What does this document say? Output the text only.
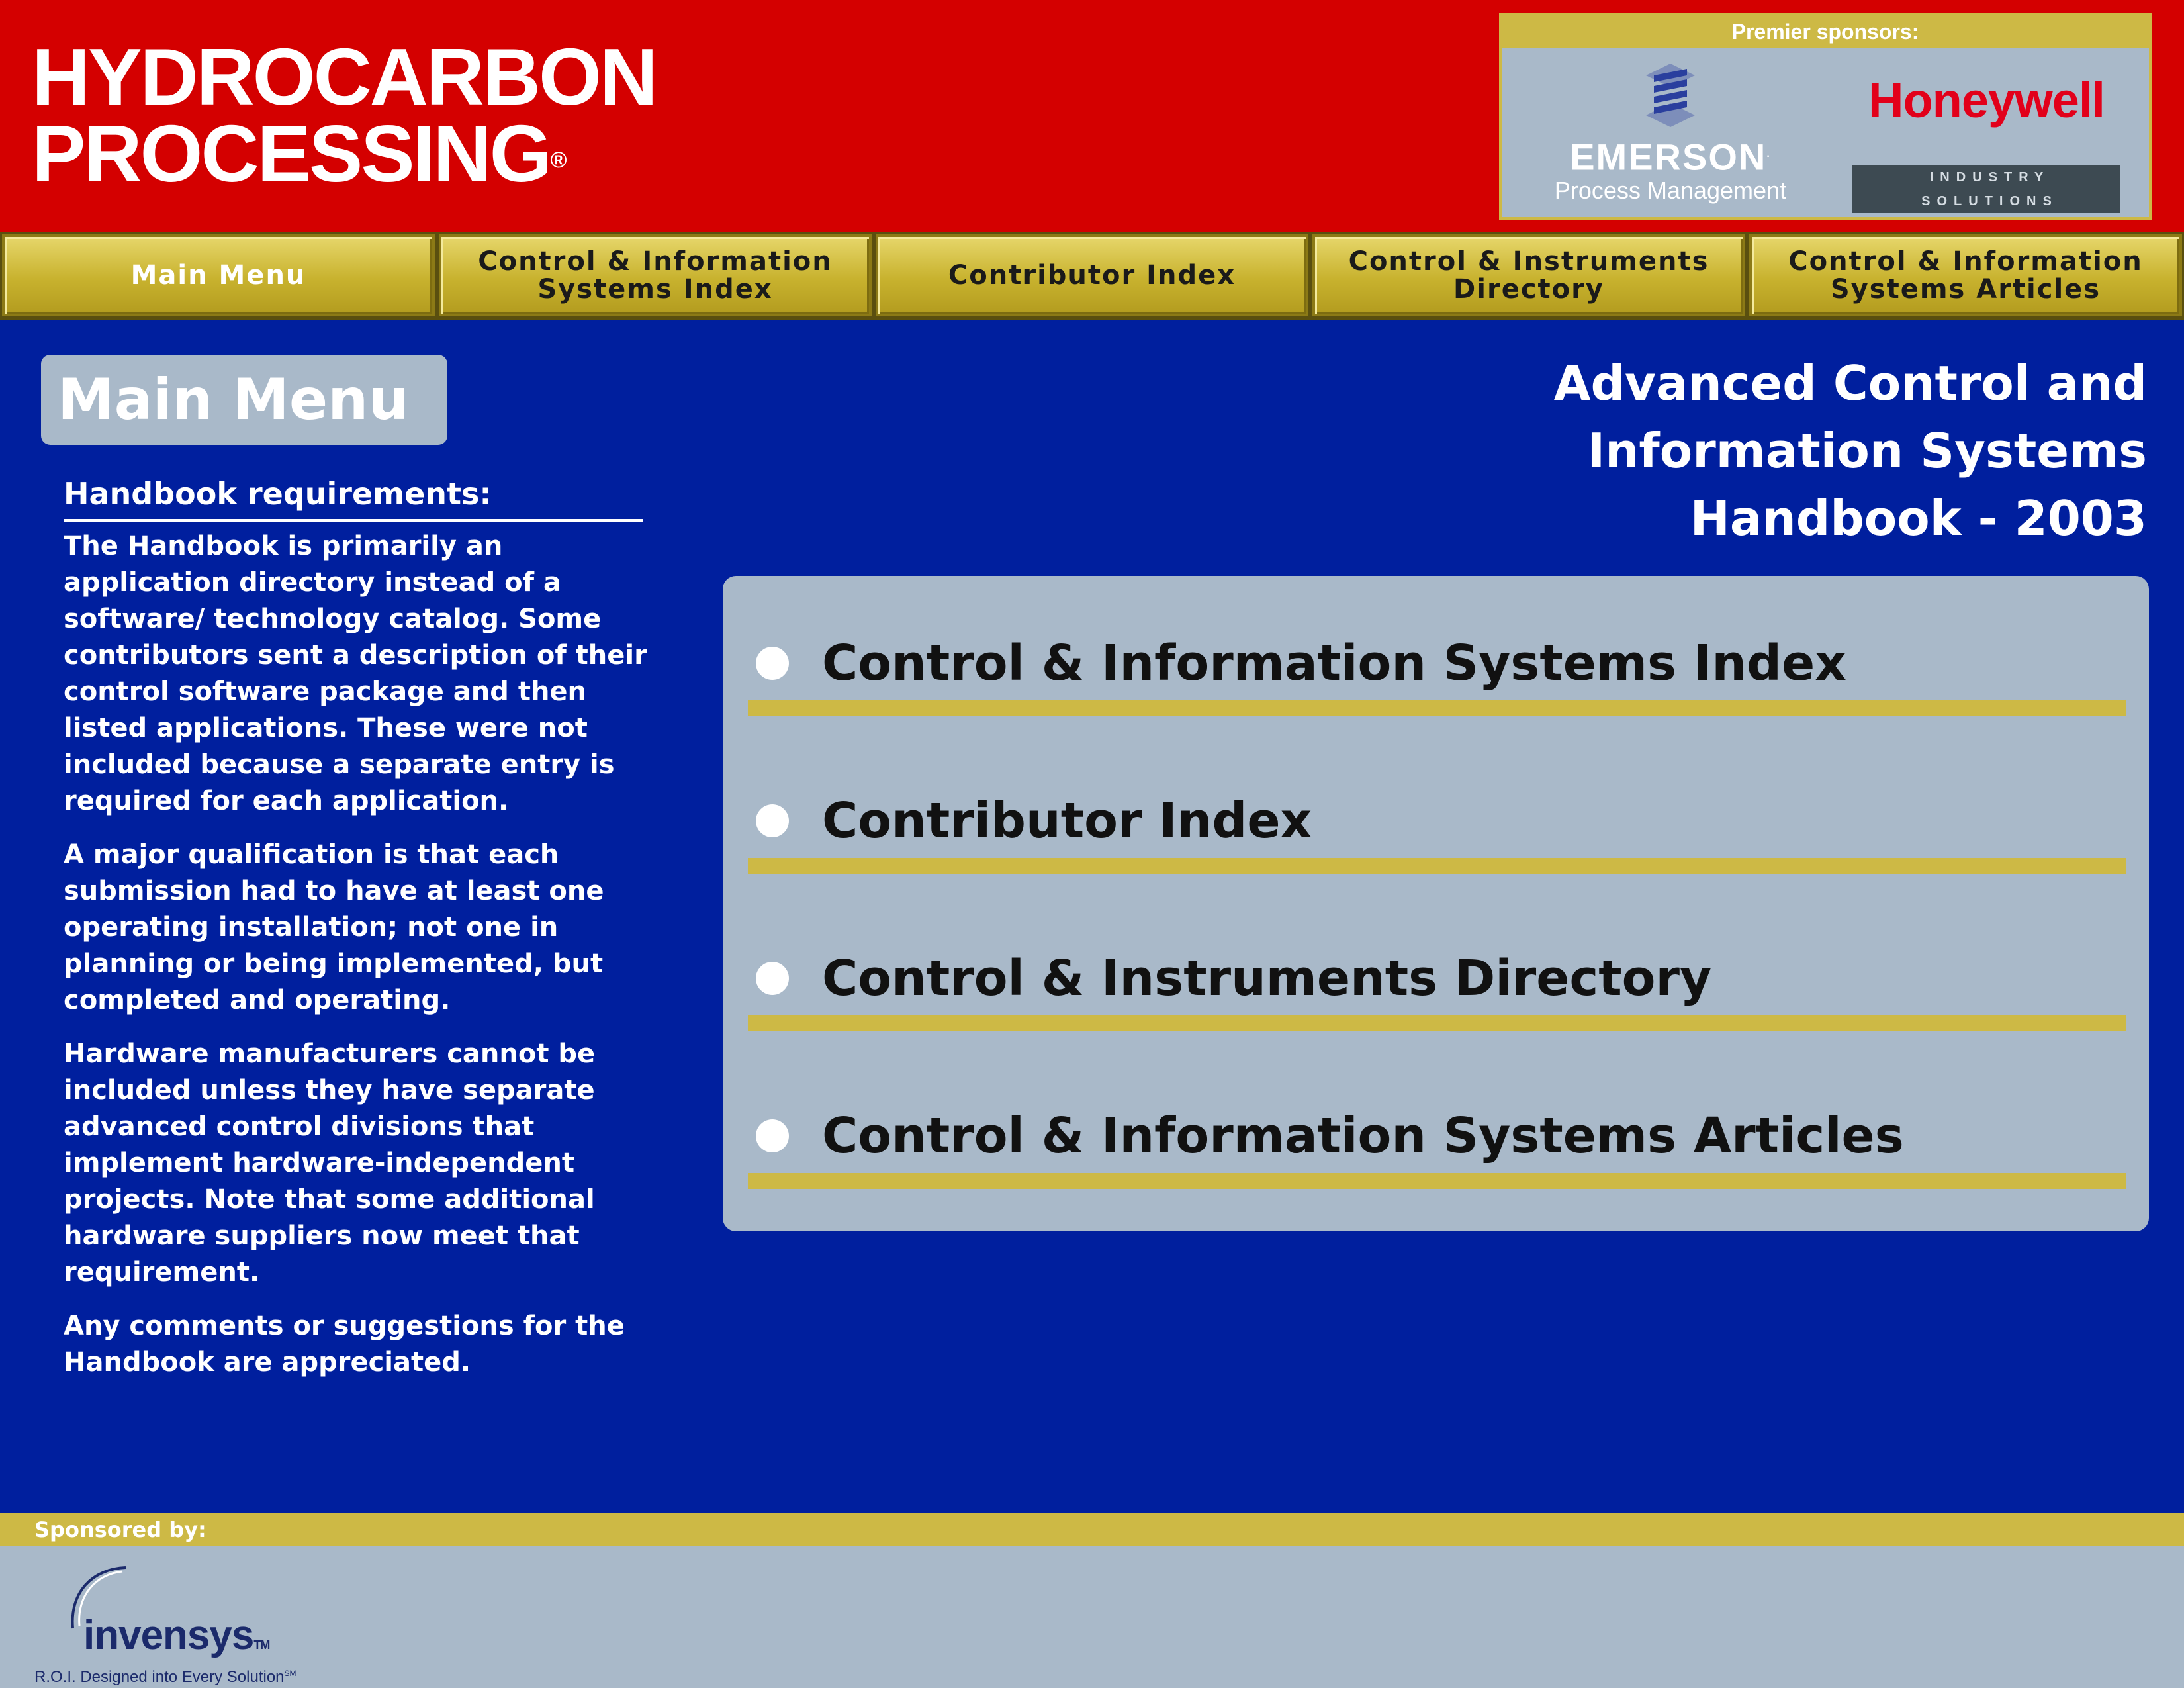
HYDROCARBON
PROCESSING®
Premier sponsors:
EMERSON.
Process Management
Honeywell
INDUSTRY SOLUTIONS
Main Menu	Control & Information Systems Index	Contributor Index	Control & Instruments Directory
Control & Information Systems Articles
Main Menu
Handbook requirements:

The Handbook is primarily an application directory instead of a software/ technology catalog. Some contributors sent a description of their control software package and then listed applications. These were not included because a separate entry is required for each application.

A major qualification is that each submission had to have at least one operating installation; not one in planning or being implemented, but completed and operating.

Hardware manufacturers cannot be included unless they have separate advanced control divisions that implement hardware-independent projects. Note that some additional hardware suppliers now meet that requirement.

Any comments or suggestions for the Handbook are appreciated.

Advanced Control and
Information Systems
Handbook - 2003
Control & Information Systems Index
Contributor Index
Control & Instruments Directory
Control & Information Systems Articles
Sponsored by:
invensysTM
R.O.I. Designed into Every Solution℠
